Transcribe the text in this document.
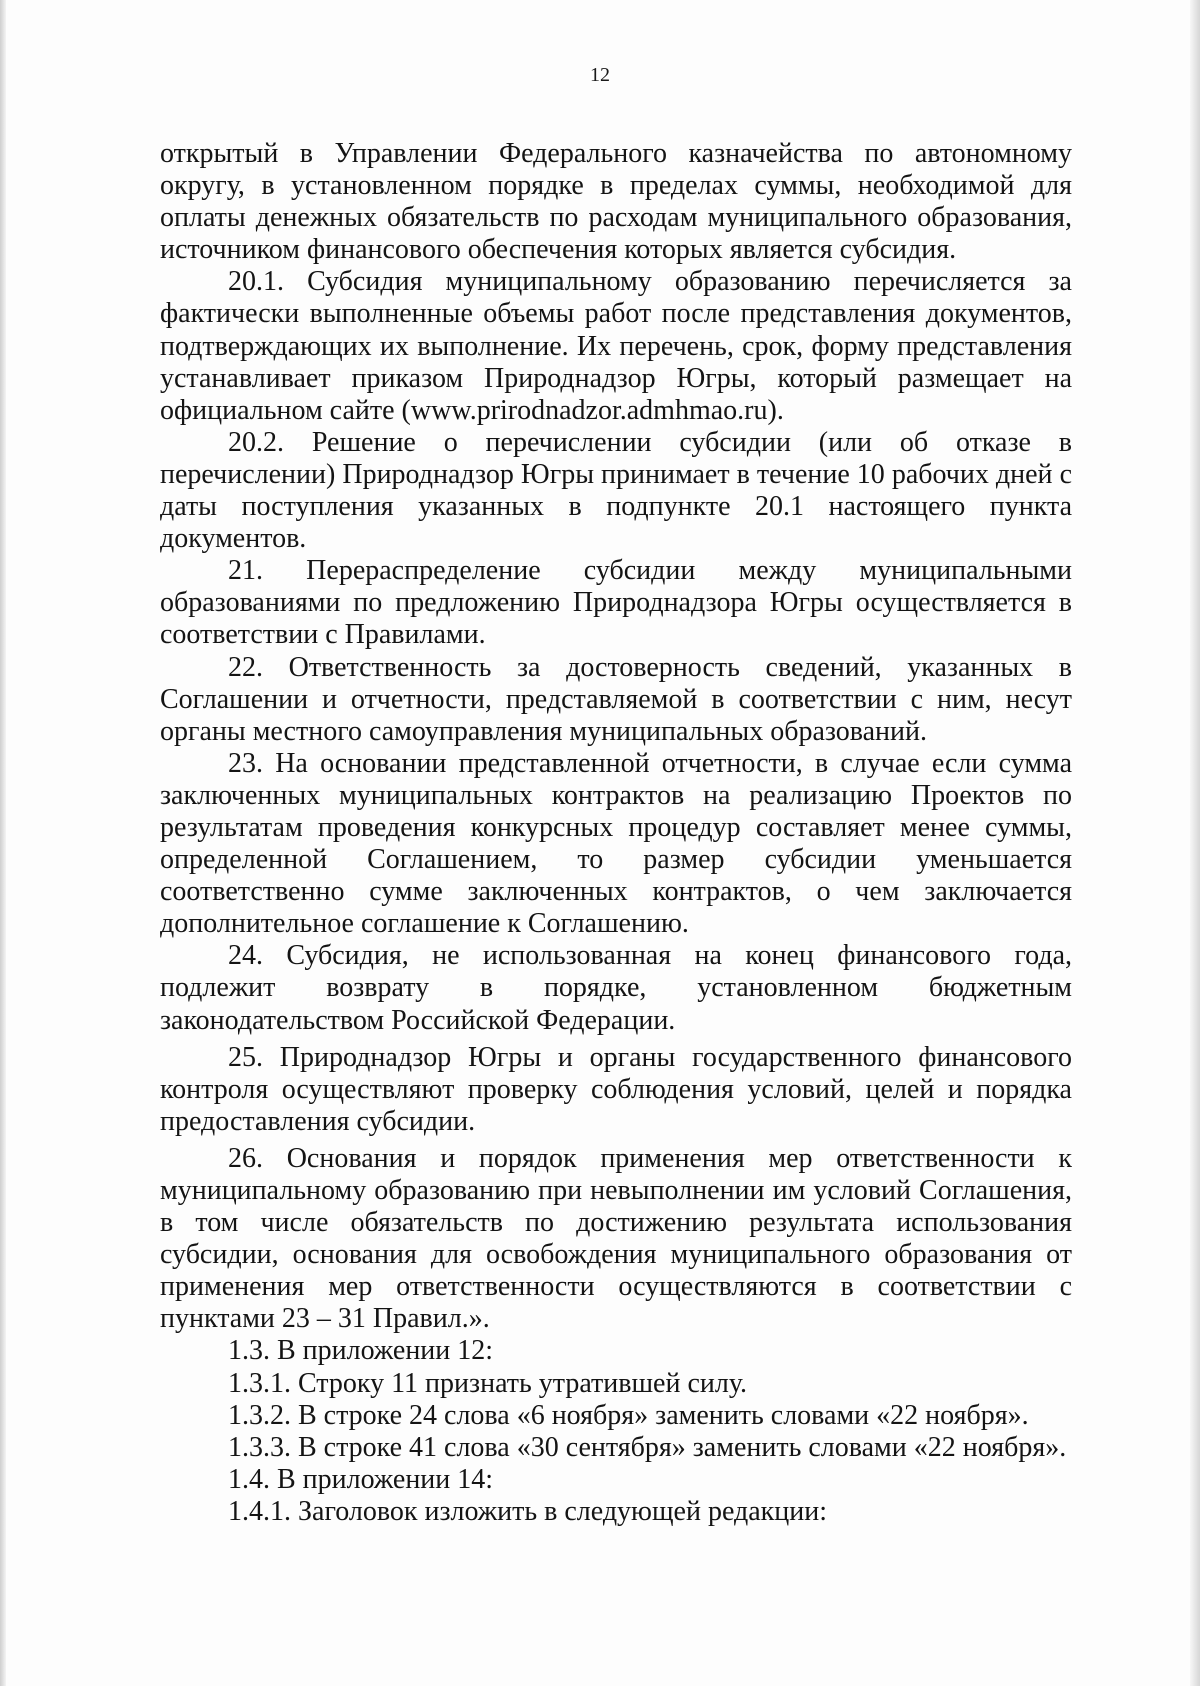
12

открытый в Управлении Федерального казначейства по автономному округу, в установленном порядке в пределах суммы, необходимой для оплаты денежных обязательств по расходам муниципального образования, источником финансового обеспечения которых является субсидия.

20.1. Субсидия муниципальному образованию перечисляется за фактически выполненные объемы работ после представления документов, подтверждающих их выполнение. Их перечень, срок, форму представления устанавливает приказом Природнадзор Югры, который размещает на официальном сайте (www.prirodnadzor.admhmao.ru).

20.2. Решение о перечислении субсидии (или об отказе в перечислении) Природнадзор Югры принимает в течение 10 рабочих дней с даты поступления указанных в подпункте 20.1 настоящего пункта документов.

21. Перераспределение субсидии между муниципальными образованиями по предложению Природнадзора Югры осуществляется в соответствии с Правилами.

22. Ответственность за достоверность сведений, указанных в Соглашении и отчетности, представляемой в соответствии с ним, несут органы местного самоуправления муниципальных образований.

23. На основании представленной отчетности, в случае если сумма заключенных муниципальных контрактов на реализацию Проектов по результатам проведения конкурсных процедур составляет менее суммы, определенной Соглашением, то размер субсидии уменьшается соответственно сумме заключенных контрактов, о чем заключается дополнительное соглашение к Соглашению.

24. Субсидия, не использованная на конец финансового года, подлежит возврату в порядке, установленном бюджетным законодательством Российской Федерации.

25. Природнадзор Югры и органы государственного финансового контроля осуществляют проверку соблюдения условий, целей и порядка предоставления субсидии.

26. Основания и порядок применения мер ответственности к муниципальному образованию при невыполнении им условий Соглашения, в том числе обязательств по достижению результата использования субсидии, основания для освобождения муниципального образования от применения мер ответственности осуществляются в соответствии с пунктами 23 – 31 Правил.».

1.3. В приложении 12:

1.3.1. Строку 11 признать утратившей силу.

1.3.2. В строке 24 слова «6 ноября» заменить словами «22 ноября».

1.3.3. В строке 41 слова «30 сентября» заменить словами «22 ноября».

1.4. В приложении 14:

1.4.1. Заголовок изложить в следующей редакции:
